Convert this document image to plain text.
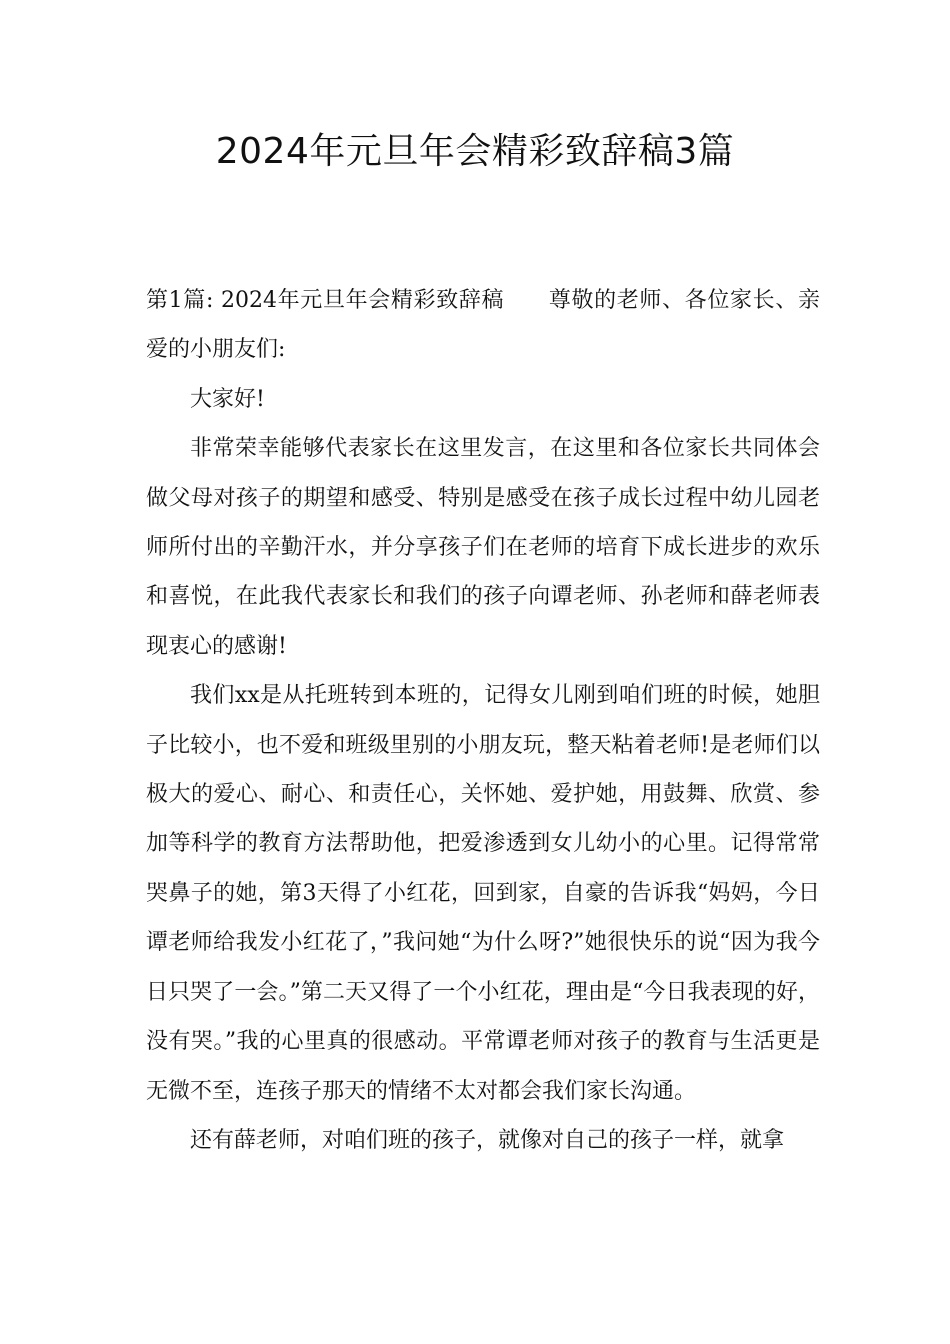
2024年元旦年会精彩致辞稿3篇

第1篇: 2024年元旦年会精彩致辞稿 尊敬的老师、各位家长、亲爱的小朋友们:

大家好!

非常荣幸能够代表家长在这里发言，在这里和各位家长共同体会做父母对孩子的期望和感受、特别是感受在孩子成长过程中幼儿园老师所付出的辛勤汗水，并分享孩子们在老师的培育下成长进步的欢乐和喜悦，在此我代表家长和我们的孩子向谭老师、孙老师和薛老师表现衷心的感谢!

我们xx是从托班转到本班的，记得女儿刚到咱们班的时候，她胆子比较小，也不爱和班级里别的小朋友玩，整天粘着老师!是老师们以极大的爱心、耐心、和责任心，关怀她、爱护她，用鼓舞、欣赏、参加等科学的教育方法帮助他，把爱渗透到女儿幼小的心里。记得常常哭鼻子的她，第3天得了小红花，回到家，自豪的告诉我“妈妈，今日谭老师给我发小红花了，”我问她“为什么呀?”她很快乐的说“因为我今日只哭了一会。”第二天又得了一个小红花，理由是“今日我表现的好，没有哭。”我的心里真的很感动。平常谭老师对孩子的教育与生活更是无微不至，连孩子那天的情绪不太对都会我们家长沟通。

还有薛老师，对咱们班的孩子，就像对自己的孩子一样，就拿
